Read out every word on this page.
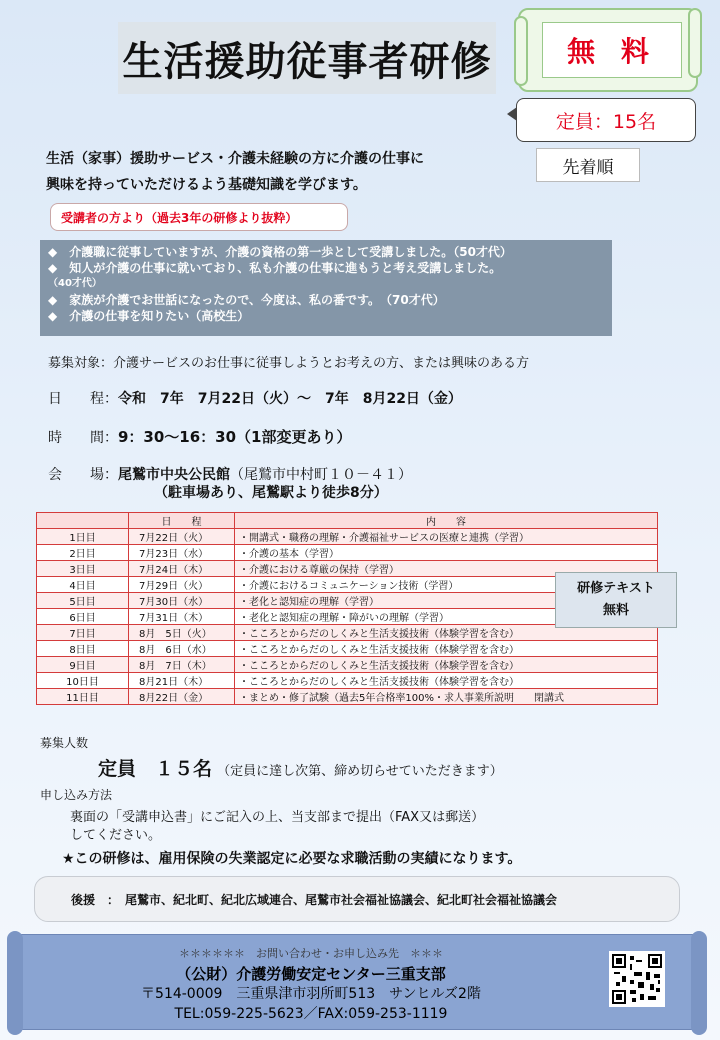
生活援助従事者研修	無 料
定員：15名
先着順
生活（家事）援助サービス・介護未経験の方に介護の仕事に
興味を持っていただけるよう基礎知識を学びます。
受講者の方より（過去3年の研修より抜粋）
◆　介護職に従事していますが、介護の資格の第一歩として受講しました。（50才代）
◆　知人が介護の仕事に就いており、私も介護の仕事に進もうと考え受講しました。
（40才代）
◆　家族が介護でお世話になったので、今度は、私の番です。　（70才代）
◆　介護の仕事を知りたい（高校生）
募集対象：介護サービスのお仕事に従事しようとお考えの方、または興味のある方
日　　程：令和　7年　7月22日（火）～　7年　8月22日（金）
時　　間：9：30～16：30（1部変更あり）
会　　場：尾鷲市中央公民館（尾鷲市中村町１０－４１）
（駐車場あり、尾鷲駅より徒歩8分）
	日　　程	内　　容
1日目	7月22日（火）	・開講式・職務の理解・介護福祉サービスの医療と連携（学習）
2日目	7月23日（水）	・介護の基本（学習）
3日目	7月24日（木）	・介護における尊厳の保持（学習）
4日目	7月29日（火）	・介護におけるコミュニケーション技術（学習）
5日目	7月30日（水）	・老化と認知症の理解（学習）
6日目	7月31日（木）	・老化と認知症の理解・障がいの理解（学習）
7日目	8月　5日（火）	・こころとからだのしくみと生活支援技術（体験学習を含む）
8日目	8月　6日（水）	・こころとからだのしくみと生活支援技術（体験学習を含む）
9日目	8月　7日（木）	・こころとからだのしくみと生活支援技術（体験学習を含む）
10日目	8月21日（木）	・こころとからだのしくみと生活支援技術（体験学習を含む）
11日目	8月22日（金）	・まとめ・修了試験（過去5年合格率100%・求人事業所説明　　閉講式
研修テキスト
無料
募集人数
定員　１５名 （定員に達し次第、締め切らせていただきます）
申し込み方法
裏面の「受講申込書」にご記入の上、当支部まで提出（FAX又は郵送）
してください。
★この研修は、雇用保険の失業認定に必要な求職活動の実績になります。
後援　：　尾鷲市、紀北町、紀北広域連合、尾鷲市社会福祉協議会、紀北町社会福祉協議会
＊＊＊＊＊＊　お問い合わせ・お申し込み先　＊＊＊
（公財）介護労働安定センター三重支部
〒514-0009　三重県津市羽所町513　サンヒルズ2階
TEL:059-225-5623／FAX:059-253-1119
